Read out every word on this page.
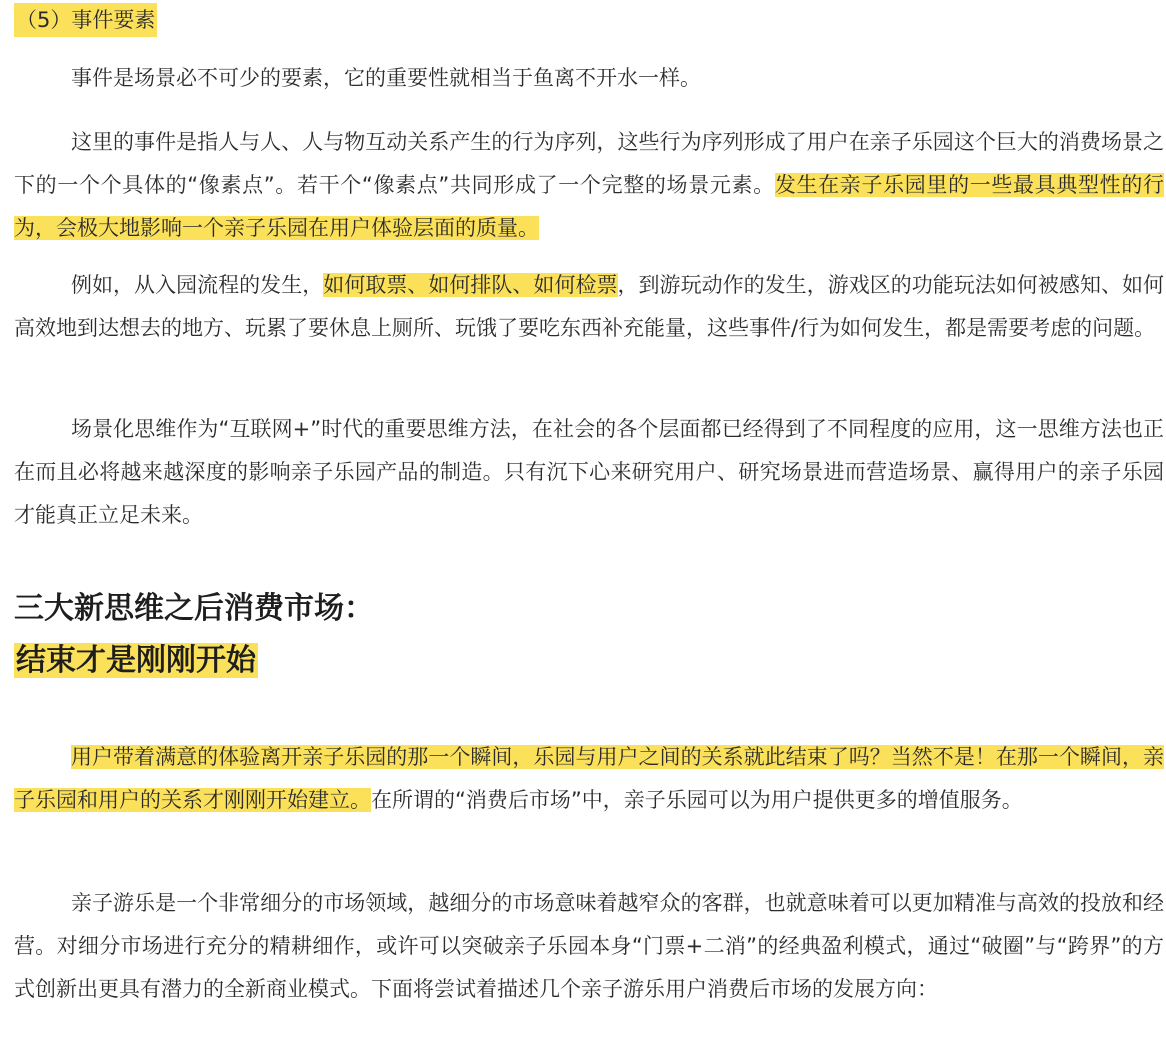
（5）事件要素

事件是场景必不可少的要素，它的重要性就相当于鱼离不开水一样。

这里的事件是指人与人、人与物互动关系产生的行为序列，这些行为序列形成了用户在亲子乐园这个巨大的消费场景之下的一个个具体的“像素点”。若干个“像素点”共同形成了一个完整的场景元素。发生在亲子乐园里的一些最具典型性的行为，会极大地影响一个亲子乐园在用户体验层面的质量。

例如，从入园流程的发生，如何取票、如何排队、如何检票，到游玩动作的发生，游戏区的功能玩法如何被感知、如何高效地到达想去的地方、玩累了要休息上厕所、玩饿了要吃东西补充能量，这些事件/行为如何发生，都是需要考虑的问题。

场景化思维作为“互联网+”时代的重要思维方法，在社会的各个层面都已经得到了不同程度的应用，这一思维方法也正在而且必将越来越深度的影响亲子乐园产品的制造。只有沉下心来研究用户、研究场景进而营造场景、赢得用户的亲子乐园才能真正立足未来。

三大新思维之后消费市场：
结束才是刚刚开始

用户带着满意的体验离开亲子乐园的那一个瞬间，乐园与用户之间的关系就此结束了吗？当然不是！在那一个瞬间，亲子乐园和用户的关系才刚刚开始建立。在所谓的“消费后市场”中，亲子乐园可以为用户提供更多的增值服务。

亲子游乐是一个非常细分的市场领域，越细分的市场意味着越窄众的客群，也就意味着可以更加精准与高效的投放和经营。对细分市场进行充分的精耕细作，或许可以突破亲子乐园本身“门票+二消”的经典盈利模式，通过“破圈”与“跨界”的方式创新出更具有潜力的全新商业模式。下面将尝试着描述几个亲子游乐用户消费后市场的发展方向：
